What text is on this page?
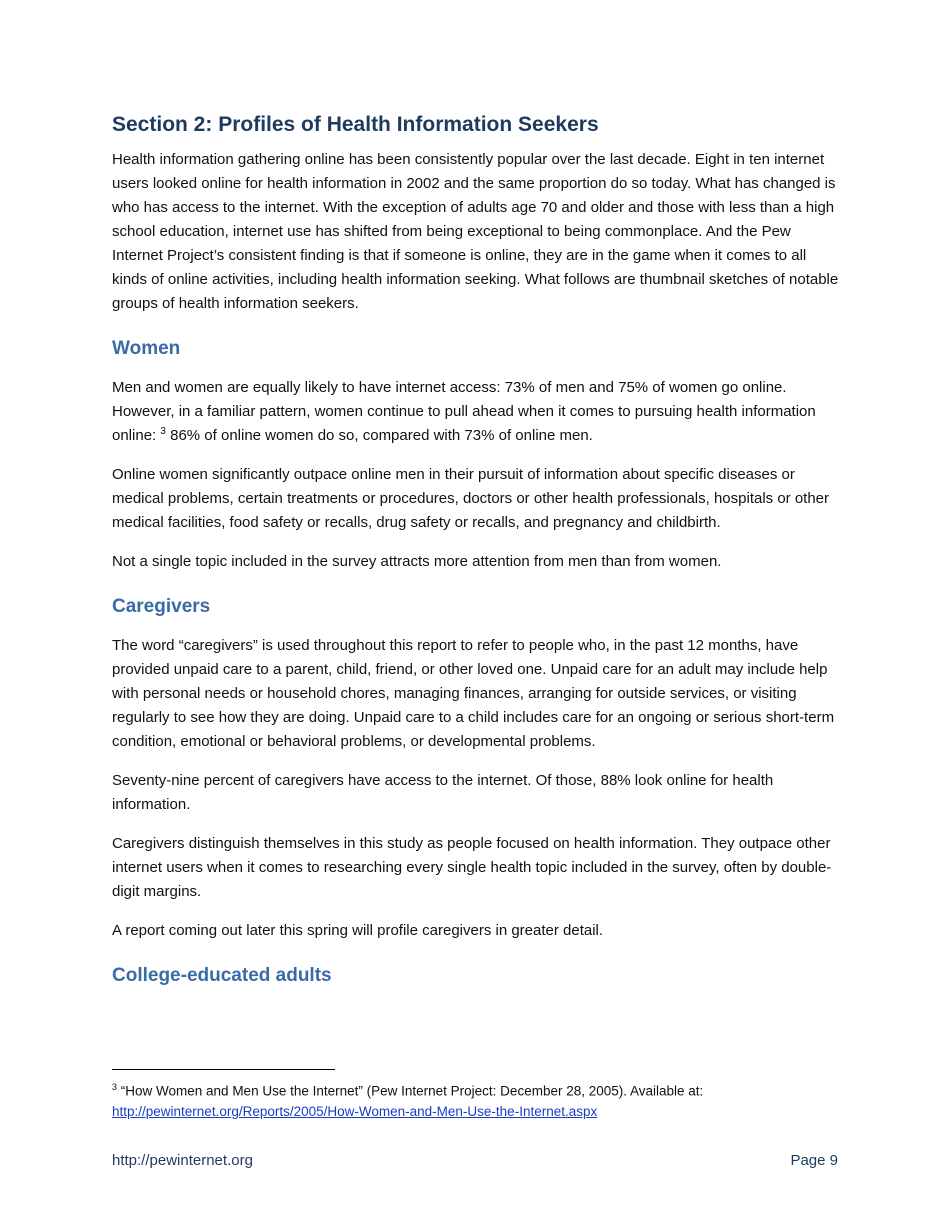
Section 2: Profiles of Health Information Seekers

Health information gathering online has been consistently popular over the last decade. Eight in ten internet users looked online for health information in 2002 and the same proportion do so today. What has changed is who has access to the internet. With the exception of adults age 70 and older and those with less than a high school education, internet use has shifted from being exceptional to being commonplace. And the Pew Internet Project’s consistent finding is that if someone is online, they are in the game when it comes to all kinds of online activities, including health information seeking. What follows are thumbnail sketches of notable groups of health information seekers.

Women

Men and women are equally likely to have internet access: 73% of men and 75% of women go online. However, in a familiar pattern, women continue to pull ahead when it comes to pursuing health information online: $^3$ 86% of online women do so, compared with 73% of online men.

Online women significantly outpace online men in their pursuit of information about specific diseases or medical problems, certain treatments or procedures, doctors or other health professionals, hospitals or other medical facilities, food safety or recalls, drug safety or recalls, and pregnancy and childbirth.

Not a single topic included in the survey attracts more attention from men than from women.

Caregivers

The word “caregivers” is used throughout this report to refer to people who, in the past 12 months, have provided unpaid care to a parent, child, friend, or other loved one. Unpaid care for an adult may include help with personal needs or household chores, managing finances, arranging for outside services, or visiting regularly to see how they are doing. Unpaid care to a child includes care for an ongoing or serious short-term condition, emotional or behavioral problems, or developmental problems.

Seventy-nine percent of caregivers have access to the internet. Of those, 88% look online for health information.

Caregivers distinguish themselves in this study as people focused on health information. They outpace other internet users when it comes to researching every single health topic included in the survey, often by double-digit margins.

A report coming out later this spring will profile caregivers in greater detail.

College-educated adults
$^3$ “How Women and Men Use the Internet” (Pew Internet Project: December 28, 2005). Available at:
http://pewinternet.org/Reports/2005/How-Women-and-Men-Use-the-Internet.aspx
http://pewinternet.org	Page 9
